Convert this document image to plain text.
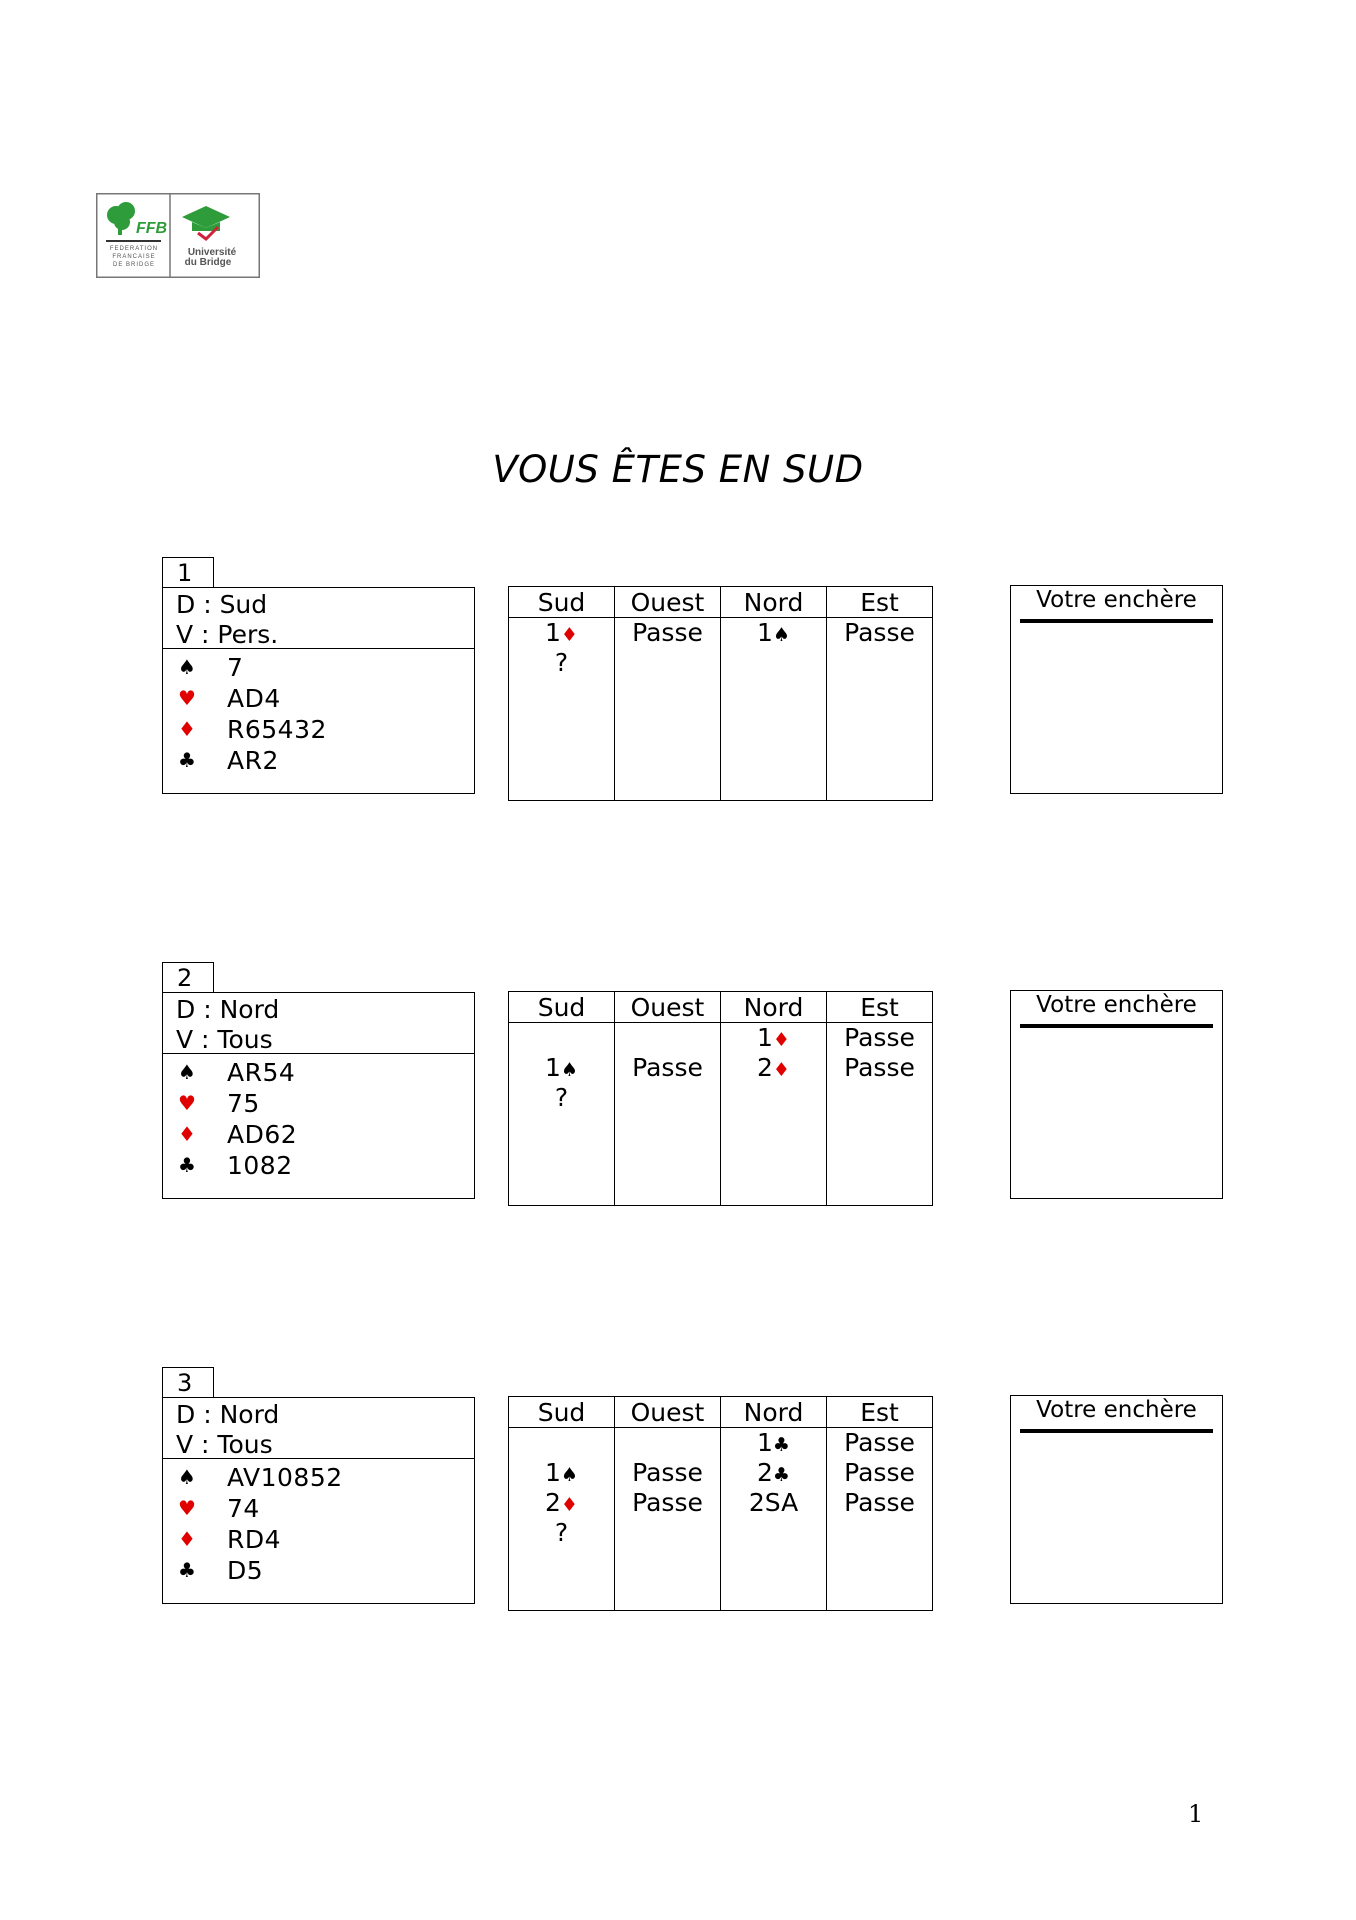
FFB
FEDERATION
FRANCAISE
DE BRIDGE
Université
du Bridge
VOUS ÊTES EN SUD
1
D : Sud
V : Pers.
♠ 7
♥ AD4
♦ R65432
♣ AR2
Sud
1♦
?
Ouest
Passe
Nord
1♠
Est
Passe
Votre enchère
2
D : Nord
V : Tous
♠ AR54
♥ 75
♦ AD62
♣ 1082
Sud
1♠
?
Ouest
Passe
Nord
1♦
2♦
Est
Passe
Passe
Votre enchère
3
D : Nord
V : Tous
♠ AV10852
♥ 74
♦ RD4
♣ D5
Sud
1♠
2♦
?
Ouest
Passe
Passe
Nord
1♣
2♣
2SA
Est
Passe
Passe
Passe
Votre enchère
1
